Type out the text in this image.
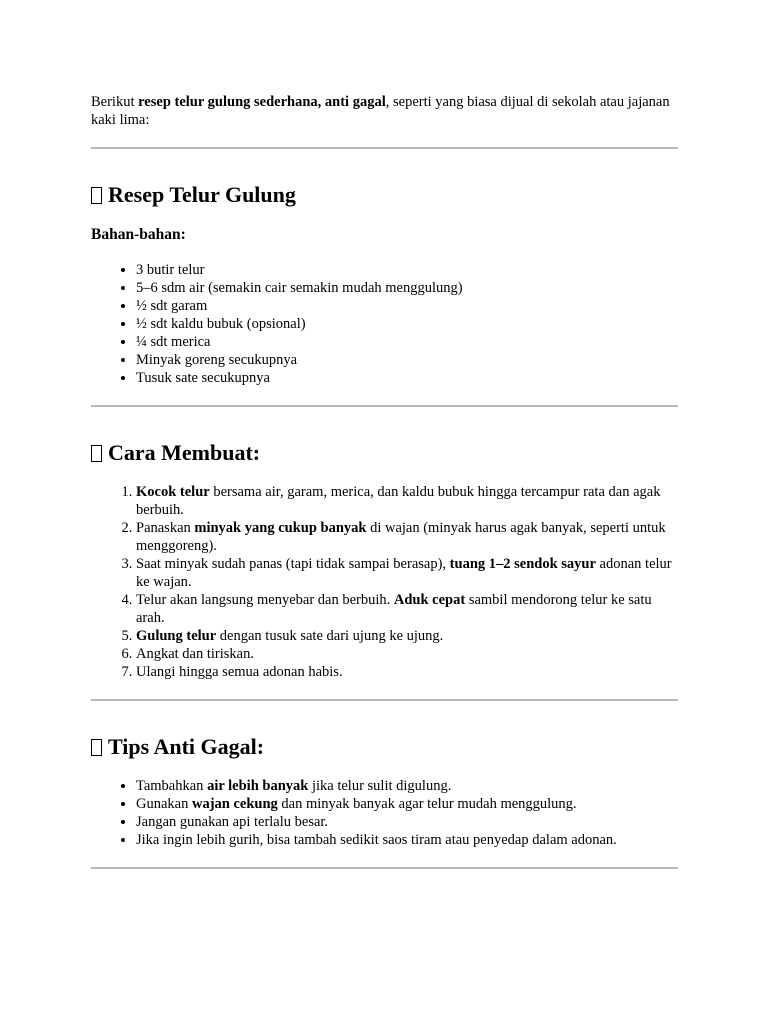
Berikut resep telur gulung sederhana, anti gagal, seperti yang biasa dijual di sekolah atau jajanan kaki lima:

Resep Telur Gulung
Bahan-bahan:
• 3 butir telur
• 5–6 sdm air (semakin cair semakin mudah menggulung)
• ½ sdt garam
• ½ sdt kaldu bubuk (opsional)
• ¼ sdt merica
• Minyak goreng secukupnya
• Tusuk sate secukupnya
Cara Membuat:
1. Kocok telur bersama air, garam, merica, dan kaldu bubuk hingga tercampur rata dan agak berbuih.
2. Panaskan minyak yang cukup banyak di wajan (minyak harus agak banyak, seperti untuk menggoreng).
3. Saat minyak sudah panas (tapi tidak sampai berasap), tuang 1–2 sendok sayur adonan telur ke wajan.
4. Telur akan langsung menyebar dan berbuih. Aduk cepat sambil mendorong telur ke satu arah.
5. Gulung telur dengan tusuk sate dari ujung ke ujung.
6. Angkat dan tiriskan.
7. Ulangi hingga semua adonan habis.
Tips Anti Gagal:
• Tambahkan air lebih banyak jika telur sulit digulung.
• Gunakan wajan cekung dan minyak banyak agar telur mudah menggulung.
• Jangan gunakan api terlalu besar.
• Jika ingin lebih gurih, bisa tambah sedikit saos tiram atau penyedap dalam adonan.
